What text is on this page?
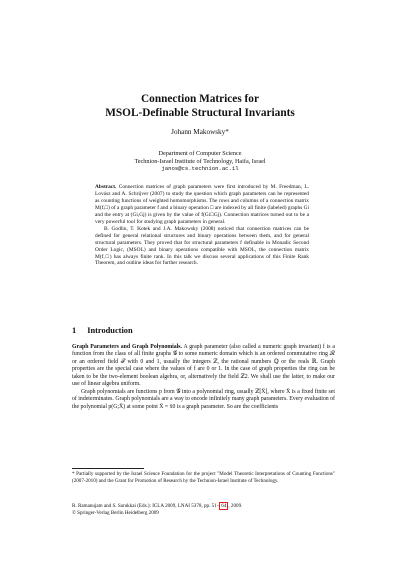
Connection Matrices for
MSOL-Definable Structural Invariants
Johann Makowsky*
Department of Computer Science
Technion-Israel Institute of Technology, Haifa, Israel
janos@cs.technion.ac.il

Abstract. Connection matrices of graph parameters were first introduced by M. Freedman, L. Lovász and A. Schrijver (2007) to study the question which graph parameters can be represented as counting functions of weighted homomorphisms. The rows and columns of a connection matrix M(f,□) of a graph parameter f and a binary operation □ are indexed by all finite (labeled) graphs Gi and the entry at (Gi,Gj) is given by the value of f(Gi□Gj). Connection matrices turned out to be a very powerful tool for studying graph parameters in general.

B. Godlin, T. Kotek and J.A. Makowsky (2008) noticed that connection matrices can be defined for general relational structures and binary operations between them, and for general structural parameters. They proved that for structural parameters f definable in Monadic Second Order Logic, (MSOL) and binary operations compatible with MSOL, the connection matrix M(f,□) has always finite rank. In this talk we discuss several applications of this Finite Rank Theorem, and outline ideas for further research.

1 Introduction

Graph Parameters and Graph Polynomials. A graph parameter (also called a numeric graph invariant) f is a function from the class of all finite graphs 𝒢 to some numeric domain which is an ordered commutative ring ℛ or an ordered field ℱ with 0 and 1, usually the integers ℤ, the rational numbers ℚ or the reals ℝ. Graph properties are the special case where the values of f are 0 or 1. In the case of graph properties the ring can be taken to be the two-element boolean algebra, or, alternatively the field ℤ2. We shall use the latter, to make our use of linear algebra uniform.

Graph polynomials are functions p from 𝒢 into a polynomial ring, usually ℤ[X̄], where X̄ is a fixed finite set of indeterminates. Graph polynomials are a way to encode infinitely many graph parameters. Every evaluation of the polynomial p(G;X̄) at some point X̄ = x̄0 is a graph parameter. So are the coefficients

* Partially supported by the Israel Science Foundation for the project "Model Theoretic Interpretations of Counting Functions" (2007-2010) and the Grant for Promotion of Research by the Technion-Israel Institute of Technology.

R. Ramanujam and S. Sarukkai (Eds.): ICLA 2009, LNAI 5378, pp. 51– 64 , 2009.

© Springer-Verlag Berlin Heidelberg 2009
